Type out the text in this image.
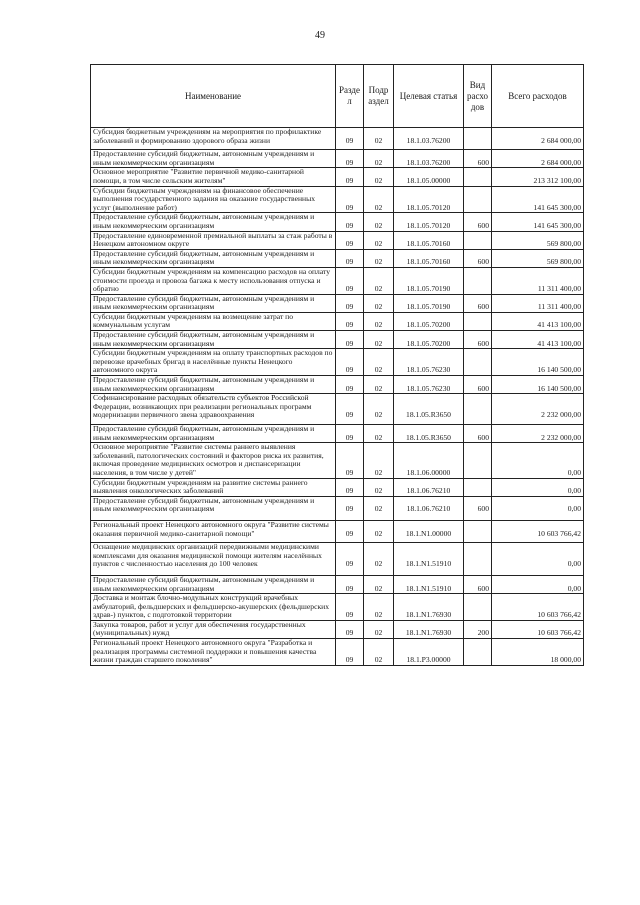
49
Наименование	Разде л	Подр аздел	Целевая статья	Вид расхо дов	Всего расходов
Субсидия бюджетным учреждениям на мероприятия по профилактике заболеваний и формированию здорового образа жизни	09	02	18.1.03.76200		2 684 000,00
Предоставление субсидий бюджетным, автономным учреждениям и иным некоммерческим организациям	09	02	18.1.03.76200	600	2 684 000,00
Основное мероприятие "Развитие первичной медико-санитарной помощи, в том числе сельским жителям"	09	02	18.1.05.00000		213 312 100,00
Субсидии бюджетным учреждениям на финансовое обеспечение выполнения государственного задания на оказание государственных услуг (выполнение работ)	09	02	18.1.05.70120		141 645 300,00
Предоставление субсидий бюджетным, автономным учреждениям и иным некоммерческим организациям	09	02	18.1.05.70120	600	141 645 300,00
Предоставление единовременной премиальной выплаты за стаж работы в Ненецком автономном округе	09	02	18.1.05.70160		569 800,00
Предоставление субсидий бюджетным, автономным учреждениям и иным некоммерческим организациям	09	02	18.1.05.70160	600	569 800,00
Субсидии бюджетным учреждениям на компенсацию расходов на оплату стоимости проезда и провоза багажа к месту использования отпуска и обратно	09	02	18.1.05.70190		11 311 400,00
Предоставление субсидий бюджетным, автономным учреждениям и иным некоммерческим организациям	09	02	18.1.05.70190	600	11 311 400,00
Субсидии бюджетным учреждениям на возмещение затрат по коммунальным услугам	09	02	18.1.05.70200		41 413 100,00
Предоставление субсидий бюджетным, автономным учреждениям и иным некоммерческим организациям	09	02	18.1.05.70200	600	41 413 100,00
Субсидии бюджетным учреждениям на оплату транспортных расходов по перевозке врачебных бригад в населённые пункты Ненецкого автономного округа	09	02	18.1.05.76230		16 140 500,00
Предоставление субсидий бюджетным, автономным учреждениям и иным некоммерческим организациям	09	02	18.1.05.76230	600	16 140 500,00
Софинансирование расходных обязательств субъектов Российской Федерации, возникающих при реализации региональных программ модернизации первичного звена здравоохранения	09	02	18.1.05.R3650		2 232 000,00
Предоставление субсидий бюджетным, автономным учреждениям и иным некоммерческим организациям	09	02	18.1.05.R3650	600	2 232 000,00
Основное мероприятие "Развитие системы раннего выявления заболеваний, патологических состояний и факторов риска их развития, включая проведение медицинских осмотров и диспансеризации населения, в том числе у детей"	09	02	18.1.06.00000		0,00
Субсидии бюджетным учреждениям на развитие системы раннего выявления онкологических заболеваний	09	02	18.1.06.76210		0,00
Предоставление субсидий бюджетным, автономным учреждениям и иным некоммерческим организациям	09	02	18.1.06.76210	600	0,00
Региональный проект Ненецкого автономного округа "Развитие системы оказания первичной медико-санитарной помощи"	09	02	18.1.N1.00000		10 603 766,42
Оснащение медицинских организаций передвижными медицинскими комплексами для оказания медицинской помощи жителям населённых пунктов с численностью населения до 100 человек	09	02	18.1.N1.51910		0,00
Предоставление субсидий бюджетным, автономным учреждениям и иным некоммерческим организациям	09	02	18.1.N1.51910	600	0,00
Доставка и монтаж блочно-модульных конструкций врачебных амбулаторий, фельдшерских и фельдшерско-акушерских (фельдшерских здрав-) пунктов, с подготовкой территории	09	02	18.1.N1.76930		10 603 766,42
Закупка товаров, работ и услуг для обеспечения государственных (муниципальных) нужд	09	02	18.1.N1.76930	200	10 603 766,42
Региональный проект Ненецкого автономного округа "Разработка и реализация программы системной поддержки и повышения качества жизни граждан старшего поколения"	09	02	18.1.P3.00000		18 000,00
